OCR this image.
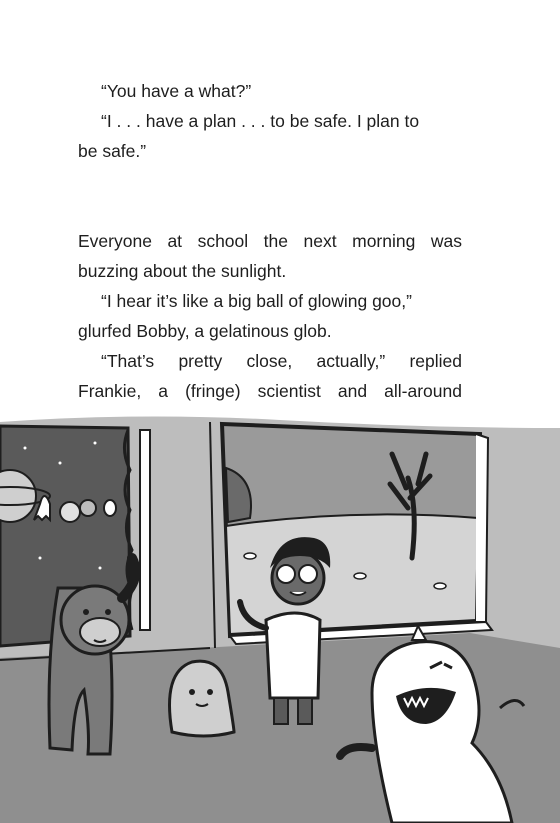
“You have a what?”

“I . . . have a plan . . . to be safe. I plan to

be safe.”

Everyone at school the next morning was

buzzing about the sunlight.

“I hear it’s like a big ball of glowing goo,”

glurfed Bobby, a gelatinous glob.

“That’s pretty close, actually,” replied

Frankie, a (fringe) scientist and all-around
